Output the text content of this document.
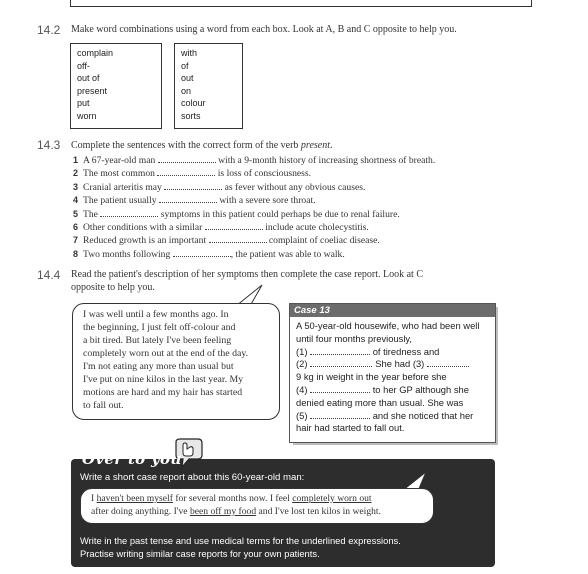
14.2 Make word combinations using a word from each box. Look at A, B and C opposite to help you.
complain
off-
out of
present
put
worn
with
of
out
on
colour
sorts
14.3 Complete the sentences with the correct form of the verb present.
1 A 67-year-old man	with a 9-month history of increasing shortness of breath.
2 The most common	is loss of consciousness.
3 Cranial arteritis may	as fever without any obvious causes.
4 The patient usually	with a severe sore throat.
5 The	symptoms in this patient could perhaps be due to renal failure.
6 Other conditions with a similar	include acute cholecystitis.
7 Reduced growth is an important	complaint of coeliac disease.
8 Two months following	, the patient was able to walk.
14.4 Read the patient's description of her symptoms then complete the case report. Look at C
opposite to help you.
I was well until a few months ago. In
the beginning, I just felt off-colour and
a bit tired. But lately I've been feeling
completely worn out at the end of the day.
I'm not eating any more than usual but
I've put on nine kilos in the last year. My
motions are hard and my hair has started
to fall out.
Case 13
A 50-year-old housewife, who had been well
until four months previously,
(1)	of tiredness and
(2)	. She had (3)
9 kg in weight in the year before she
(4)	to her GP although she
denied eating more than usual. She was
(5)	and she noticed that her
hair had started to fall out.
Over to you
Write a short case report about this 60-year-old man:
I haven't been myself for several months now. I feel completely worn out
after doing anything. I've been off my food and I've lost ten kilos in weight.
Write in the past tense and use medical terms for the underlined expressions.
Practise writing similar case reports for your own patients.
